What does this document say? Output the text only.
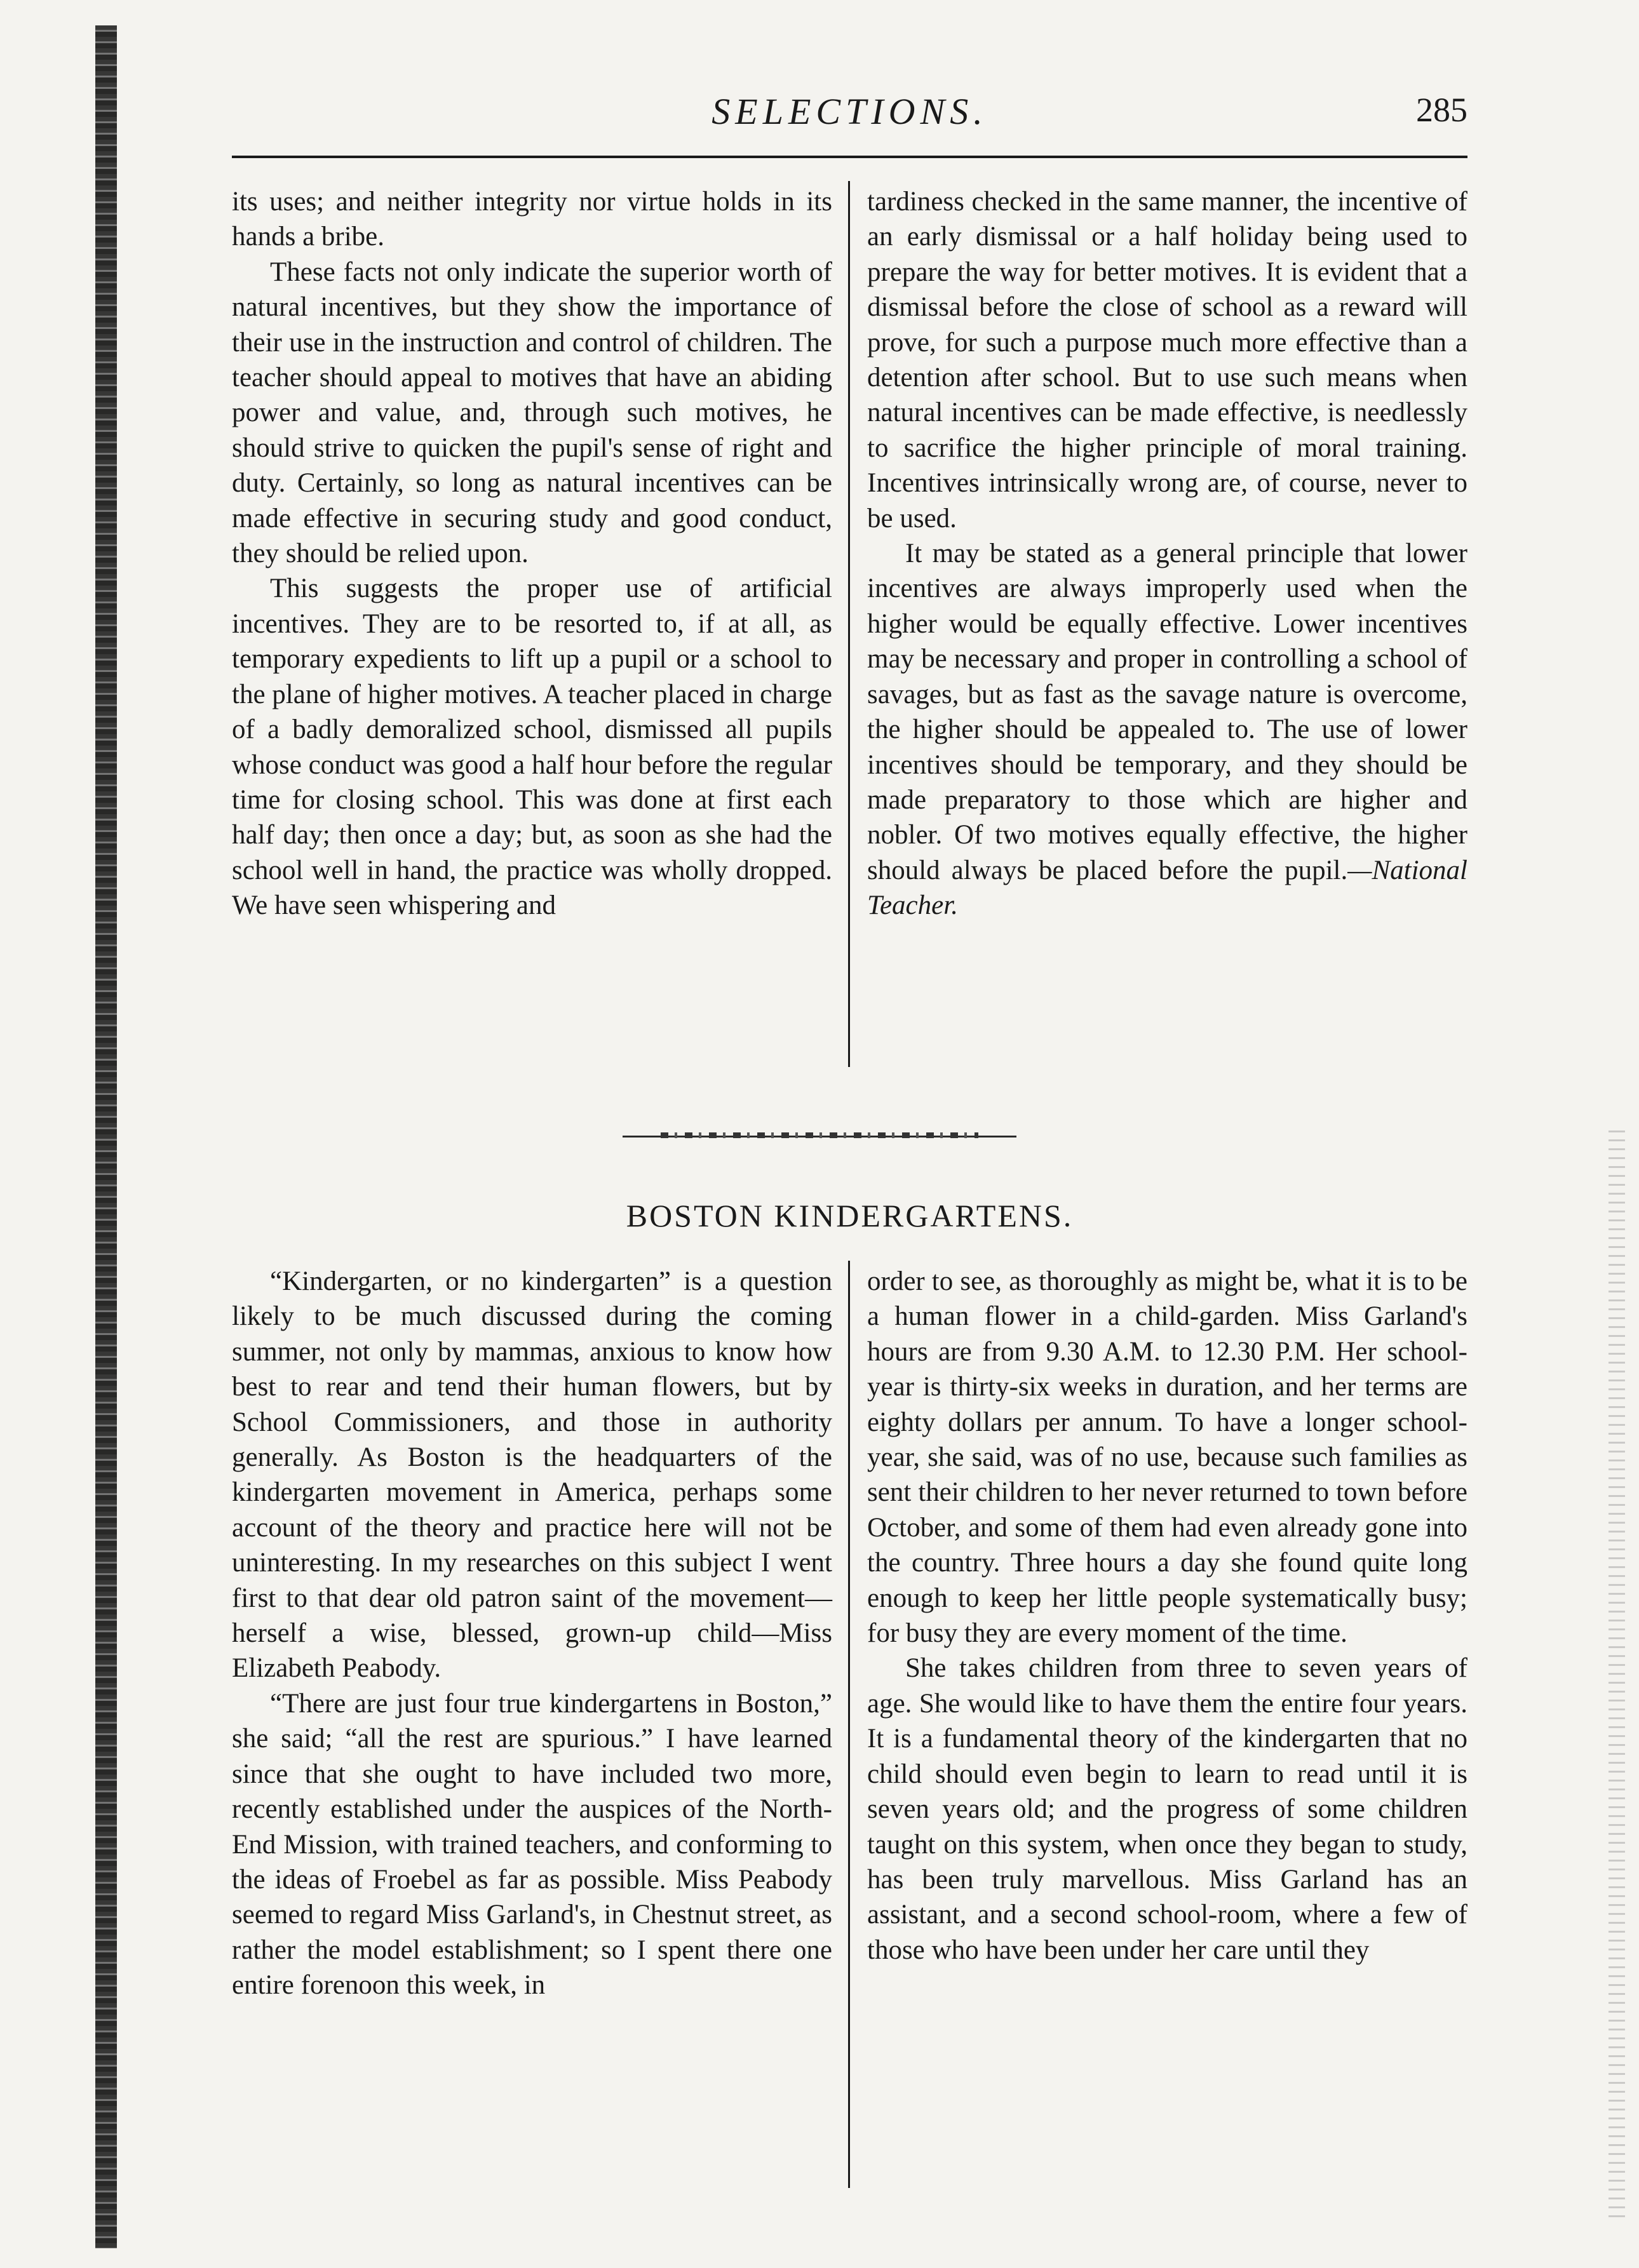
SELECTIONS.	285

its uses; and neither integrity nor virtue holds in its hands a bribe.

These facts not only indicate the superior worth of natural incentives, but they show the importance of their use in the instruction and control of children. The teacher should appeal to motives that have an abiding power and value, and, through such motives, he should strive to quicken the pupil's sense of right and duty. Certainly, so long as natural incentives can be made effective in securing study and good conduct, they should be relied upon.

This suggests the proper use of artificial incentives. They are to be resorted to, if at all, as temporary expedients to lift up a pupil or a school to the plane of higher motives. A teacher placed in charge of a badly demoralized school, dismissed all pupils whose conduct was good a half hour before the regular time for closing school. This was done at first each half day; then once a day; but, as soon as she had the school well in hand, the practice was wholly dropped. We have seen whispering and

tardiness checked in the same manner, the incentive of an early dismissal or a half holiday being used to prepare the way for better motives. It is evident that a dismissal before the close of school as a reward will prove, for such a purpose much more effective than a detention after school. But to use such means when natural incentives can be made effective, is needlessly to sacrifice the higher principle of moral training. Incentives intrinsically wrong are, of course, never to be used.

It may be stated as a general principle that lower incentives are always improperly used when the higher would be equally effective. Lower incentives may be necessary and proper in controlling a school of savages, but as fast as the savage nature is overcome, the higher should be appealed to. The use of lower incentives should be temporary, and they should be made preparatory to those which are higher and nobler. Of two motives equally effective, the higher should always be placed before the pupil.—National Teacher.

BOSTON KINDERGARTENS.

“Kindergarten, or no kindergarten” is a question likely to be much discussed during the coming summer, not only by mammas, anxious to know how best to rear and tend their human flowers, but by School Commissioners, and those in authority generally. As Boston is the headquarters of the kindergarten movement in America, perhaps some account of the theory and practice here will not be uninteresting. In my researches on this subject I went first to that dear old patron saint of the movement—herself a wise, blessed, grown-up child—Miss Elizabeth Peabody.

“There are just four true kindergartens in Boston,” she said; “all the rest are spurious.” I have learned since that she ought to have included two more, recently established under the auspices of the North-End Mission, with trained teachers, and conforming to the ideas of Froebel as far as possible. Miss Peabody seemed to regard Miss Garland's, in Chestnut street, as rather the model establishment; so I spent there one entire forenoon this week, in

order to see, as thoroughly as might be, what it is to be a human flower in a child-garden. Miss Garland's hours are from 9.30 A.M. to 12.30 P.M. Her school-year is thirty-six weeks in duration, and her terms are eighty dollars per annum. To have a longer school-year, she said, was of no use, because such families as sent their children to her never returned to town before October, and some of them had even already gone into the country. Three hours a day she found quite long enough to keep her little people systematically busy; for busy they are every moment of the time.

She takes children from three to seven years of age. She would like to have them the entire four years. It is a fundamental theory of the kindergarten that no child should even begin to learn to read until it is seven years old; and the progress of some children taught on this system, when once they began to study, has been truly marvellous. Miss Garland has an assistant, and a second school-room, where a few of those who have been under her care until they
